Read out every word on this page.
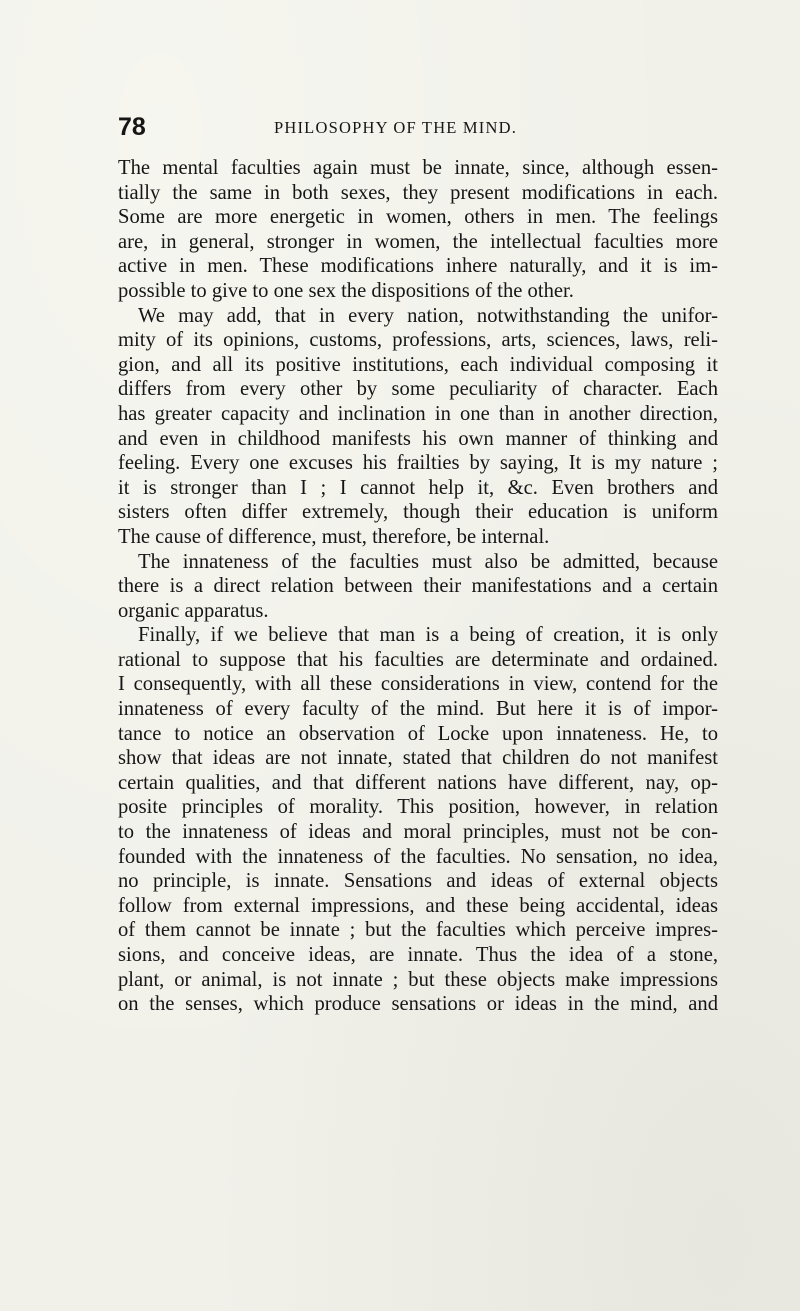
78	PHILOSOPHY OF THE MIND.
The mental faculties again must be innate, since, although essen-
tially the same in both sexes, they present modifications in each.
Some are more energetic in women, others in men. The feelings
are, in general, stronger in women, the intellectual faculties more
active in men. These modifications inhere naturally, and it is im-
possible to give to one sex the dispositions of the other.
We may add, that in every nation, notwithstanding the unifor-
mity of its opinions, customs, professions, arts, sciences, laws, reli-
gion, and all its positive institutions, each individual composing it
differs from every other by some peculiarity of character. Each
has greater capacity and inclination in one than in another direction,
and even in childhood manifests his own manner of thinking and
feeling. Every one excuses his frailties by saying, It is my nature ;
it is stronger than I ; I cannot help it, &c. Even brothers and
sisters often differ extremely, though their education is uniform
The cause of difference, must, therefore, be internal.
The innateness of the faculties must also be admitted, because
there is a direct relation between their manifestations and a certain
organic apparatus.
Finally, if we believe that man is a being of creation, it is only
rational to suppose that his faculties are determinate and ordained.
I consequently, with all these considerations in view, contend for the
innateness of every faculty of the mind. But here it is of impor-
tance to notice an observation of Locke upon innateness. He, to
show that ideas are not innate, stated that children do not manifest
certain qualities, and that different nations have different, nay, op-
posite principles of morality. This position, however, in relation
to the innateness of ideas and moral principles, must not be con-
founded with the innateness of the faculties. No sensation, no idea,
no principle, is innate. Sensations and ideas of external objects
follow from external impressions, and these being accidental, ideas
of them cannot be innate ; but the faculties which perceive impres-
sions, and conceive ideas, are innate. Thus the idea of a stone,
plant, or animal, is not innate ; but these objects make impressions
on the senses, which produce sensations or ideas in the mind, and
